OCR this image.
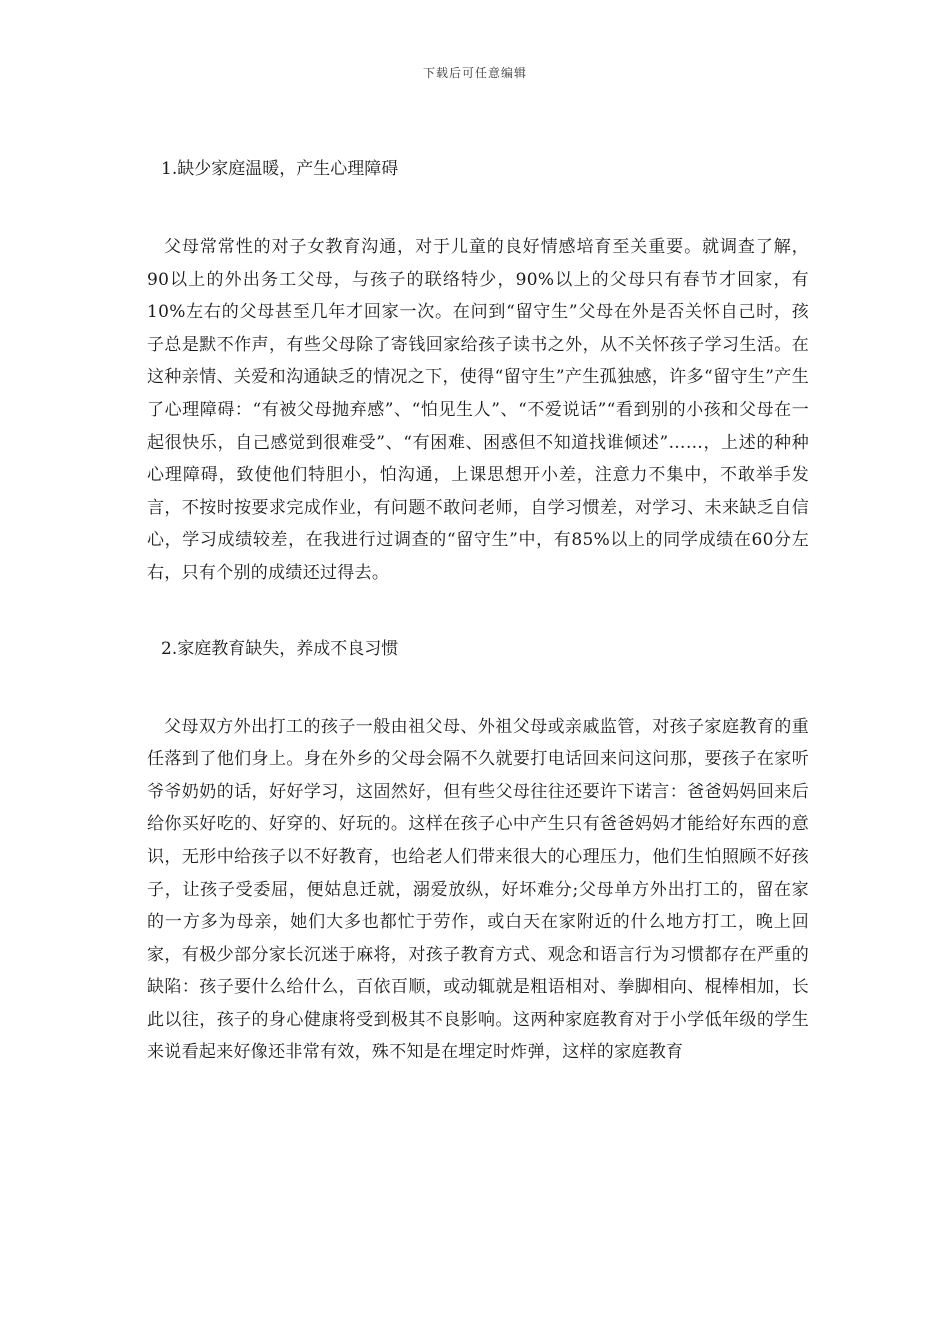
下载后可任意编辑
1.缺少家庭温暖，产生心理障碍

父母常常性的对子女教育沟通，对于儿童的良好情感培育至关重要。就调查了解，90以上的外出务工父母，与孩子的联络特少，90%以上的父母只有春节才回家，有10%左右的父母甚至几年才回家一次。在问到“留守生”父母在外是否关怀自己时，孩子总是默不作声，有些父母除了寄钱回家给孩子读书之外，从不关怀孩子学习生活。在这种亲情、关爱和沟通缺乏的情况之下，使得“留守生”产生孤独感，许多“留守生”产生了心理障碍：“有被父母抛弃感”、“怕见生人”、“不爱说话”“看到别的小孩和父母在一起很快乐，自己感觉到很难受”、“有困难、困惑但不知道找谁倾述”……，上述的种种心理障碍，致使他们特胆小，怕沟通，上课思想开小差，注意力不集中，不敢举手发言，不按时按要求完成作业，有问题不敢问老师，自学习惯差，对学习、未来缺乏自信心，学习成绩较差，在我进行过调查的“留守生”中，有85%以上的同学成绩在60分左右，只有个别的成绩还过得去。

2.家庭教育缺失，养成不良习惯

父母双方外出打工的孩子一般由祖父母、外祖父母或亲戚监管，对孩子家庭教育的重任落到了他们身上。身在外乡的父母会隔不久就要打电话回来问这问那，要孩子在家听爷爷奶奶的话，好好学习，这固然好，但有些父母往往还要许下诺言：爸爸妈妈回来后给你买好吃的、好穿的、好玩的。这样在孩子心中产生只有爸爸妈妈才能给好东西的意识，无形中给孩子以不好教育，也给老人们带来很大的心理压力，他们生怕照顾不好孩子，让孩子受委屈，便姑息迁就，溺爱放纵，好坏难分;父母单方外出打工的，留在家的一方多为母亲，她们大多也都忙于劳作，或白天在家附近的什么地方打工，晚上回家，有极少部分家长沉迷于麻将，对孩子教育方式、观念和语言行为习惯都存在严重的缺陷：孩子要什么给什么，百依百顺，或动辄就是粗语相对、拳脚相向、棍棒相加，长此以往，孩子的身心健康将受到极其不良影响。这两种家庭教育对于小学低年级的学生来说看起来好像还非常有效，殊不知是在埋定时炸弹，这样的家庭教育
